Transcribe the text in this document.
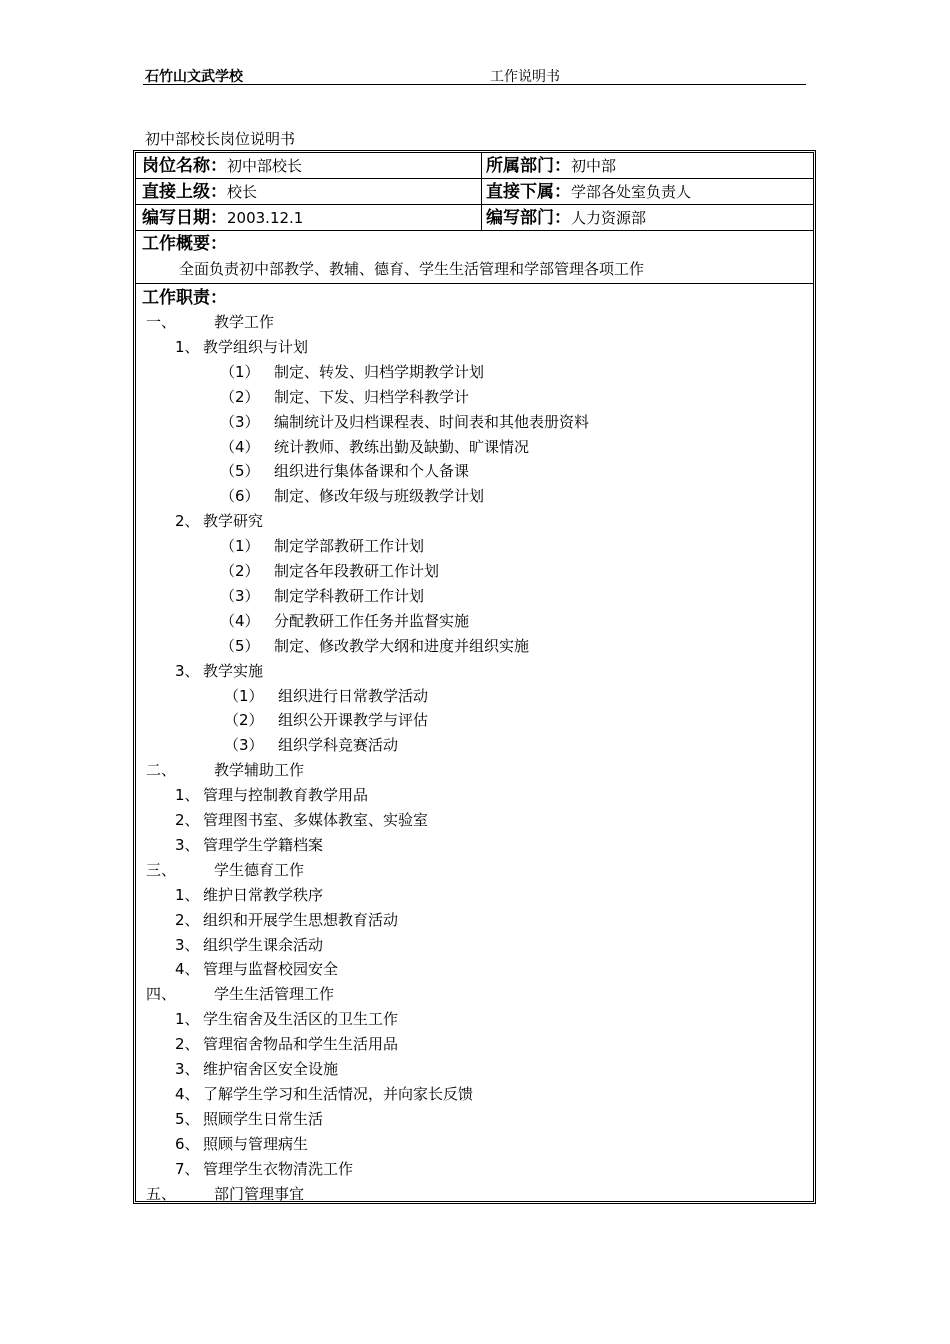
石竹山文武学校	工作说明书
初中部校长岗位说明书
岗位名称：初中部校长	所属部门：初中部
直接上级：校长	直接下属：学部各处室负责人
编写日期：2003.12.1	编写部门：人力资源部
工作概要：
全面负责初中部教学、教辅、德育、学生生活管理和学部管理各项工作
工作职责：
一、	教学工作
1、 教学组织与计划
（1） 制定、转发、归档学期教学计划
（2） 制定、下发、归档学科教学计
（3） 编制统计及归档课程表、时间表和其他表册资料
（4） 统计教师、教练出勤及缺勤、旷课情况
（5） 组织进行集体备课和个人备课
（6） 制定、修改年级与班级教学计划
2、 教学研究
（1） 制定学部教研工作计划
（2） 制定各年段教研工作计划
（3） 制定学科教研工作计划
（4） 分配教研工作任务并监督实施
（5） 制定、修改教学大纲和进度并组织实施
3、 教学实施
（1） 组织进行日常教学活动
（2） 组织公开课教学与评估
（3） 组织学科竞赛活动
二、	教学辅助工作
1、 管理与控制教育教学用品
2、 管理图书室、多媒体教室、实验室
3、 管理学生学籍档案
三、	学生德育工作
1、 维护日常教学秩序
2、 组织和开展学生思想教育活动
3、 组织学生课余活动
4、 管理与监督校园安全
四、	学生生活管理工作
1、 学生宿舍及生活区的卫生工作
2、 管理宿舍物品和学生生活用品
3、 维护宿舍区安全设施
4、 了解学生学习和生活情况，并向家长反馈
5、 照顾学生日常生活
6、 照顾与管理病生
7、 管理学生衣物清洗工作
五、	部门管理事宜
